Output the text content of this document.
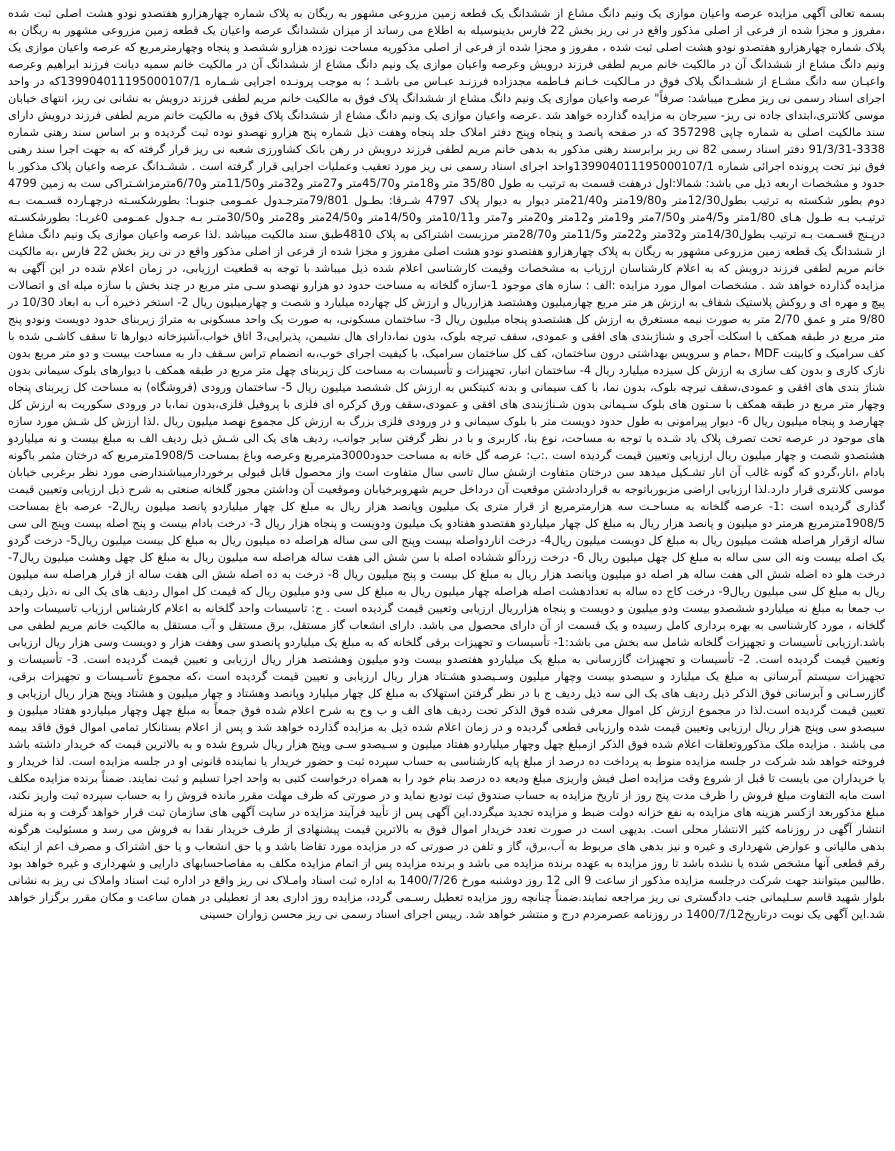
بسمه تعالی آگهی مزایده عرصه واعیان موازی یک ونیم دانگ مشاع از ششدانگ یک قطعه زمین مزروعی مشهور به ریگان به پلاک شماره چهارهزارو هفتصدو نودو هشت اصلی ثبت شده ،مفروز و مجزا شده از فرعی از اصلی مذکور واقع در نی ریز بخش 22 فارس بدینوسیله به اطلاع می رساند از میزان ششدانگ عرصه واعیان یک قطعه زمین مزروعی مشهور به ریگان به پلاک شماره چهارهزارو هفتصدو نودو هشت اصلی ثبت شده ، مفروز و مجزا شده از فرعی از اصلی مذکوریه مساحت نوزده هزارو ششصد و پنجاه وچهارمترمربع که عرصه واعیان موازی یک ونیم دانگ مشاع از ششدانگ آن در مالکیت خانم مریم لطفی فرزند درویش وعرصه واعیان موازی یک ونیم دانگ مشاع از ششدانگ آن در مالکیت خانم سمیه دیانت فرزند ابراهیم وعرصه واعیـان سه دانگ مشـاع از ششـدانگ پلاک فوق در مـالکیت خـانم فـاطمه مجدزاده فرزنـد عبـاس می باشـد ؛ به موجب پرونـده اجرایی شـماره 139904011195000107/1که در واحد اجرای اسناد رسمی نی ریز مطرح میباشد: صرفاً" عرصه واعیان موازی یک ونیم دانگ مشاع از ششدانگ پلاک فوق به مالکیت خانم مریم لطفی فرزند درویش به نشانی نی ریز، انتهای خیابان موسی کلانتری،ابتدای جاده نی ریز- سیرجان به مزایده گذارده خواهد شد .عرصه واعیان موازی یک ونیم دانگ مشاع از ششدانگ پلاک فوق به مالکیت خانم مریم لطفی فرزند درویش دارای سند مالکیت اصلی به شماره چاپی 357298 که در صفحه پانصد و پنجاه وپنج دفتر املاک جلد پنجاه وهفت ذیل شماره پنج هزارو نهصدو نوده ثبت گردیده و بر اساس سند رهنی شماره 3338-91/3/31 دفتر اسناد رسمی 82 نی ریز برابرسند رهنی مذکور به بدهی خانم مریم لطفی فرزند درویش در رهن بانک کشاورزی شعبه نی ریز قرار گرفته که به جهت اجرا سند رهنی فوق نیز تحت پرونده اجرائی شماره 139904011195000107/1واحد اجرای اسناد رسمی نی ریز مورد تعقیب وعملیات اجرایی قرار گرفته است . ششـدانگ عرصه واعیان پلاک مذکور با حدود و مشخصات اربعه ذیل می باشد: شمالا:اول درهفت قسمت به ترتیب به طول 35/80 متر و18متر و45/70متر و27متر و32متر و11/50متر و6/70مترمزاشـتراکی ست به زمین 4799 دوم بطور شکسته به ترتیب بطول12/30متر و19/80متر و21/40متر دیوار به دیوار پلاک 4797 شـرقا: بطـول 79/801مترجـدول عمـومی جنوبـا: بطورشکسـته درچهـارده قسـمت بـه ترتیـب بـه طـول هـای 1/80متر و4/5متر و7/50متر و19متر و12متر و20متر و7متر و10/11متر و14/50متر و24/50متر و28متر و30/50متـر بـه جـدول عمـومی 0غربـا: بطورشکسـته درپـنج قسـمت بـه ترتیب بطول14/30متر و32متر و22متر و11/5متر و28/70متر مرزبست اشتراکی به پلاک 4810طبق سند مالکیت میباشد .لذا عرصه واعیان موازی یک ونیم دانگ مشاع از ششدانگ یک قطعه زمین مزروعی مشهور به ریگان به پلاک چهارهزارو هفتصدو نودو هشت اصلی مفروز و مجزا شده از فرعی از اصلی مذکور واقع در نی ریز بخش 22 فارس ،به مالکیت خانم مریم لطفی فرزند درویش که به اعلام کارشناسان ارزیاب به مشخصات وقیمت کارشناسی اعلام شده ذیل میباشد با توجه به قطعیت ارزیابی، در زمان اعلام شده در این آگهی به مزایده گذارده خواهد شد . مشخصات اموال مورد مزایده :الف : سازه های موجود 1-سازه گلخانه به مساحت حدود دو هزارو نهصدو سـی متر مربع در چند بخش با سازه میله ای و اتصالات پیچ و مهره ای و روکش پلاستیک شفاف به ارزش هر متر مربع چهارمیلیون وهشتصد هزارریال و ارزش کل چهارده میلیارد و شصت و چهارمیلیون ریال 2- استخر ذخیره آب به ابعاد 10/30 در 9/80 متر و عمق 2/70 متر به صورت نیمه مستغرق به ارزش کل هشتصدو پنجاه میلیون ریال 3- ساختمان مسکونی، به صورت یک واحد مسکونی به متراژ زیربنای حدود دویست ونودو پنج متر مربع در طبقه همکف با اسکلت آجری و شناژبندی های افقی و عمودی، سقف تیرچه بلوک، بدون نما،دارای هال نشیمن، پذیرایی،3 اتاق خواب،آشپزخانه دیوارها تا سقف کاشـی شده با کف سرامیک و کابینت MDF ،حمام و سرویس بهداشتی درون ساختمان، کف کل ساختمان سرامیک، با کیفیت اجرای خوب،به انضمام تراس سـقف دار به مساحت بیست و دو متر مربع بدون نازک کاری و بدون کف سازی به ارزش کل سیزده میلیارد ریال 4- ساختمان انبار، تجهیزات و تأسیسات به مساحت کل زیربنای چهل متر مربع در طبقه همکف با دیوارهای بلوک سیمانی بدون شناژ بندی های افقی و عمودی،سقف تیرچه بلوک، بدون نما، با کف سیمانی و بدنه کنیتکس به ارزش کل ششصد میلیون ریال 5- ساختمان ورودی (فروشگاه) به مساحت کل زیربنای پنجاه وچهار متر مربع در طبقه همکف با سـتون های بلوک سـیمانی بدون شـناژبندی های افقی و عمودی،سقف ورق کرکره ای فلزی با پروفیل فلزی،بدون نما،با در ورودی سکوریت به ارزش کل چهارصد و پنجاه میلیون ریال 6- دیوار پیرامونی به طول حدود دویست متر با بلوک سیمانی و در ورودی فلزی بزرگ به ارزش کل مجموع نهصد میلیون ریال .لذا ارزش کل شـش مورد سازه های موجود در عرصه تحت تصرف پلاک یاد شـده با توجه به مساحت، نوع بنا، کاربری و با در نظر گرفتن سایر جوانب، ردیف های یک الی شـش ذیل ردیف الف به مبلغ بیست و نه میلیاردو هشتصدو شصت و چهار میلیون ریال ارزیابی وتعیین قیمت گردیده است .:ب: عرصه گل خانه به مساحت حدود3000مترمربع وعرصه وباغ بمساحت 1908/5مترمربع که درختان مثمر باگونه بادام ،انار،گردو که گونه غالب آن انار تشـکیل میدهد سن درختان متفاوت ازشش سال تاسی سال متفاوت است واز محصول قابل قبولی برخوردارمیباشندارضی مورد نظر برغربی خیابان موسی کلانتری قرار دارد.لذا ارزیابی اراضی مزبورباتوجه به قراردادشتن موقعیت آن درداخل حریم شهروبرخیابان وموقعیت آن وداشتن مجوز گلخانه صنعتی به شرح ذیل ارزیابی وتعیین قیمت گذاری گردیده است :1- عرصه گلخانه به مساحـت سه هزارمترمربع از قرار متری یک میلیون وپانصد هزار ریال به مبلغ کل چهار میلیاردو پانصد میلیون ریال2- عرصه باغ بمساحت 1908/5مترمربع هرمتر دو میلیون و پانصد هزار ریال به مبلغ کل چهار میلیاردو هفتصدو هفتادو یک میلیون ودویست و پنجاه هزار ریال 3- درخت بادام بیست و پنج اصله بیست وپنج الی سی ساله ازقرار هراصله هشت میلیون ریال به مبلغ کل دویست میلیون ریال4- درخت اناردواصله بیست وپنج الی سی ساله هراصله ده میلیون ریال به مبلغ کل بیست میلیون ریال5- درخت گردو یک اصله بیست ونه الی سی ساله به مبلغ کل چهل میلیون ریال 6- درخت زردآلو ششاده اصله با سن شش الی هفت ساله هراصله سه میلیون ریال به مبلغ کل چهل وهشت میلیون ریال7- درخت هلو ده اصله شش الی هفت ساله هر اصله دو میلیون وپانصد هزار ریال به مبلغ کل بیست و پنج میلیون ریال 8- درخت به ده اصله شش الی هفت ساله از قرار هراصله سه میلیون ریال به مبلغ کل سی میلیون ریال9- درخت کاج ده ساله به تعدادهشت اصله هراصله چهار میلیون ریال به مبلغ کل سی ودو میلیون ریال که قیمت کل اموال ردیف های یک الی نه ،ذیل ردیف ب جمعا به مبلغ نه میلیاردو ششصدو بیست ودو میلیون و دویست و پنجاه هزارریال ارزیابی وتعیین قیمت گردیده است . ج: تاسیسات واحد گلخانه به اعلام کارشناس ارزیاب تاسیسات واحد گلخانه ، مورد کارشناسی به بهره برداری کامل رسیده و یک قسمت از آن دارای محصول می باشد. دارای انشعاب گاز مستقل، برق مستقل و آب مستقل به مالکیت خانم مریم لطفی می باشد.ارزیابی تأسیسات و تجهیزات گلخانه شامل سه بخش می باشد:1- تأسیسات و تجهیزات برقی گلخانه که به مبلغ یک میلیاردو پانصدو سی وهفت هزار و دویست وسی هزار ریال ارزیابی وتعیین قیمت گردیده است. 2- تأسیسات و تجهیزات گازرسانی به مبلغ یک میلیاردو هفتصدو بیست ودو میلیون وهشتصد هزار ریال ارزیابی و تعیین قیمت گردیده است. 3- تأسیسات و تجهیزات سیستم آبرسانی به مبلغ یک میلیارد و سیصدو بیست وچهار میلیون وسـیصدو هشـتاد هزار ریال ارزیابی و تعیین قیمت گردیده است ،که مجموع تأسـیسات و تجهیزات برقی، گازرسـانی و آبرسانی فوق الذکر ذیل ردیف های یک الی سه ذیل ردیف ج با در نظر گرفتن استهلاک به مبلغ کل چهار میلیارد وپانصد وهشتاد و چهار میلیون و هشتاد وپنج هزار ریال ارزیابی و تعیین قیمت گردیده است.لذا در مجموع ارزش کل اموال معرفی شده فوق الذکر تحت ردیف های الف و ب وج به شرح اعلام شده فوق جمعاً به مبلغ چهل وچهار میلیاردو هفتاد میلیون و سیصدو سی وپنج هزار ریال ارزیابی وتعیین قیمت شده وارزیابی قطعی گردیده و در زمان اعلام شده ذیل به مزایده گذارده خواهد شد و پس از اعلام بستانکار تمامی اموال فوق فاقد بیمه می باشند . مزایده ملک مذکوروتعلقات اعلام شده فوق الذکر ازمبلغ چهل وچهار میلیاردو هفتاد میلیون و سـیصدو سـی وپنج هزار ریال شروع شده و به بالاترین قیمت که خریدار داشته باشد فروخته خواهد شد شرکت در جلسه مزایده منوط به پرداخت ده درصد از مبلغ پایه کارشناسی به حساب سپرده ثبت و حضور خریدار یا نماینده قانونی او در جلسه مزایده است. لذا خریدار و یا خریداران می بایست تا قبل از شروع وقت مزایده اصل فیش واریزی مبلغ ودیعه ده درصد بنام خود را به همراه درخواست کتبی به واحد اجرا تسلیم و ثبت نمایند. ضمناً برنده مزایده مکلف است مابه التفاوت مبلغ فروش را ظرف مدت پنج روز از تاریخ مزایده به حساب صندوق ثبت تودیع نماید و در صورتی که ظرف مهلت مقرر مانده فروش را به حساب سپرده ثبت واریز نکند، مبلغ مذکوربعد ازکسر هزینه های مزایده به نفع خزانه دولت ضبط و مزایده تجدید میگردد.این آگهی پس از تأیید فرآیند مزایده در سایت آگهی های سازمان ثبت قرار خواهد گرفت و به منزله انتشار آگهی در روزنامه کثیر الانتشار محلی است. بدیهی است در صورت تعدد خریدار اموال فوق به بالاترین قیمت پیشنهادی از طرف خریدار نقدا به فروش می رسد و مسئولیت هرگونه بدهی مالیاتی و عوارض شهرداری و غیره و نیز بدهی های مربوط به آب،برق، گاز و تلفن در صورتی که در مزایده مورد تقاضا باشد و یا حق انشعاب و یا حق اشتراک و مصرف اعم از اینکه رقم قطعی آنها مشخص شده یا نشده باشد تا روز مزایده به عهده برنده مزایده می باشد و برنده مزایده پس از اتمام مزایده مکلف به مفاصاحسابهای دارایی و شهرداری و غیره خواهد بود .طالبین میتوانند جهت شرکت درجلسه مزایده مذکور از ساعت 9 الی 12 روز دوشنبه مورخ 1400/7/26 به اداره ثبت اسناد وامـلاک نی ریز واقع در اداره ثبت اسناد واملاک نی ریز به نشانی بلوار شهید قاسم سـلیمانی جنب دادگستری نی ریز مراجعه نمایند.ضمناً چنانچه روز مزایده تعطیل رسـمی گردد، مزایده روز اداری بعد از تعطیلی در همان ساعت و مکان مقرر برگزار خواهد شد.این آگهی یک نوبت درتاریخ1400/7/12 در روزنامه عصرمردم درج و منتشر خواهد شد. رییس اجرای اسناد رسمی نی ریز محسن زواران حسینی
